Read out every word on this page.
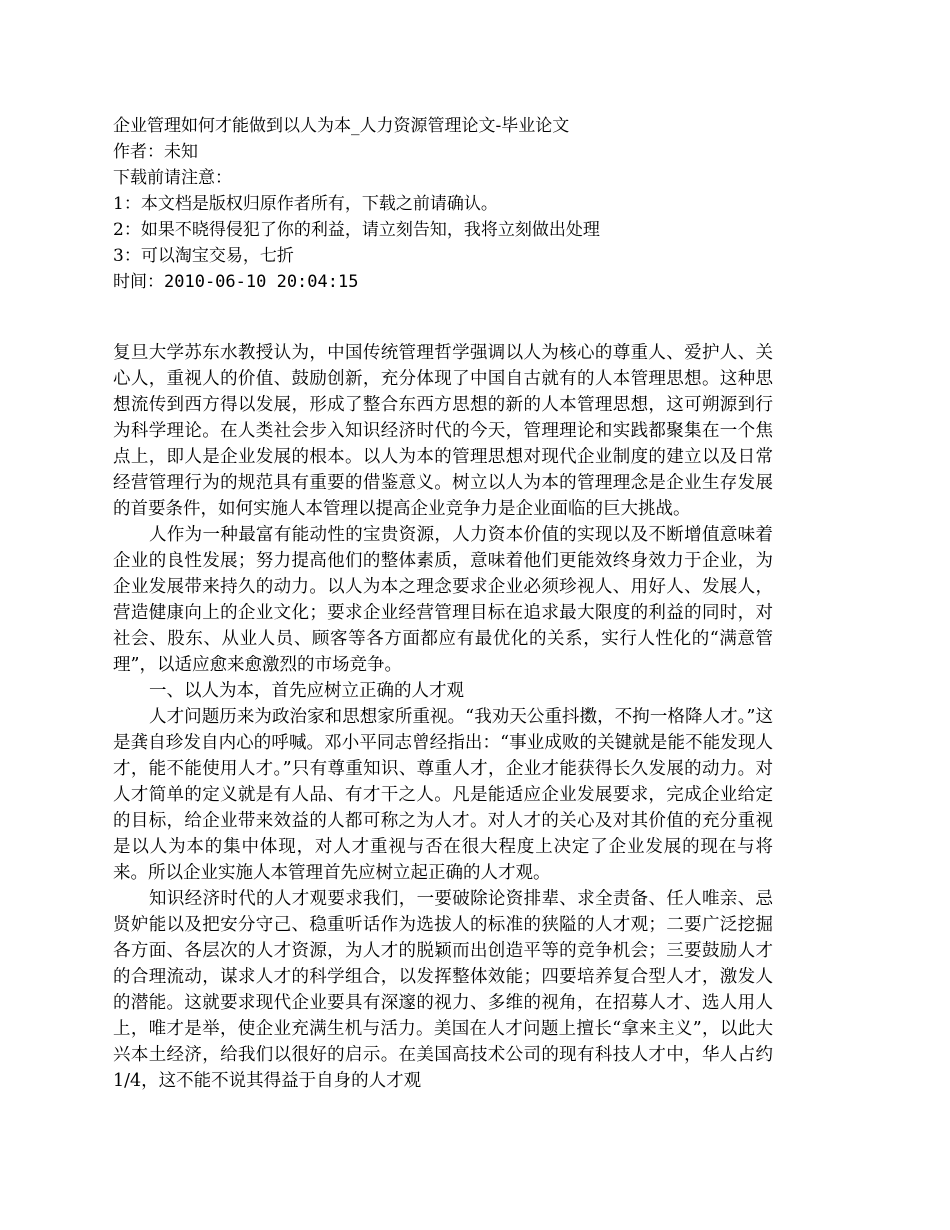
企业管理如何才能做到以人为本_人力资源管理论文-毕业论文
作者：未知
下载前请注意：
1：本文档是版权归原作者所有，下载之前请确认。
2：如果不晓得侵犯了你的利益，请立刻告知，我将立刻做出处理
3：可以淘宝交易，七折
时间：2010-06-10 20:04:15

复旦大学苏东水教授认为，中国传统管理哲学强调以人为核心的尊重人、爱护人、关心人，重视人的价值、鼓励创新，充分体现了中国自古就有的人本管理思想。这种思想流传到西方得以发展，形成了整合东西方思想的新的人本管理思想，这可朔源到行为科学理论。在人类社会步入知识经济时代的今天，管理理论和实践都聚集在一个焦点上，即人是企业发展的根本。以人为本的管理思想对现代企业制度的建立以及日常经营管理行为的规范具有重要的借鉴意义。树立以人为本的管理理念是企业生存发展的首要条件，如何实施人本管理以提高企业竞争力是企业面临的巨大挑战。

人作为一种最富有能动性的宝贵资源，人力资本价值的实现以及不断增值意味着企业的良性发展；努力提高他们的整体素质，意味着他们更能效终身效力于企业，为企业发展带来持久的动力。以人为本之理念要求企业必须珍视人、用好人、发展人，营造健康向上的企业文化；要求企业经营管理目标在追求最大限度的利益的同时，对社会、股东、从业人员、顾客等各方面都应有最优化的关系，实行人性化的“满意管理”，以适应愈来愈激烈的市场竞争。

一、以人为本，首先应树立正确的人才观

人才问题历来为政治家和思想家所重视。“我劝天公重抖擞，不拘一格降人才。”这是龚自珍发自内心的呼喊。邓小平同志曾经指出：“事业成败的关键就是能不能发现人才，能不能使用人才。”只有尊重知识、尊重人才，企业才能获得长久发展的动力。对人才简单的定义就是有人品、有才干之人。凡是能适应企业发展要求，完成企业给定的目标，给企业带来效益的人都可称之为人才。对人才的关心及对其价值的充分重视是以人为本的集中体现，对人才重视与否在很大程度上决定了企业发展的现在与将来。所以企业实施人本管理首先应树立起正确的人才观。

知识经济时代的人才观要求我们，一要破除论资排辈、求全责备、任人唯亲、忌贤妒能以及把安分守己、稳重听话作为选拔人的标准的狭隘的人才观；二要广泛挖掘各方面、各层次的人才资源，为人才的脱颖而出创造平等的竞争机会；三要鼓励人才的合理流动，谋求人才的科学组合，以发挥整体效能；四要培养复合型人才，激发人的潜能。这就要求现代企业要具有深邃的视力、多维的视角，在招募人才、选人用人上，唯才是举，使企业充满生机与活力。美国在人才问题上擅长“拿来主义”，以此大兴本土经济，给我们以很好的启示。在美国高技术公司的现有科技人才中，华人占约1/4，这不能不说其得益于自身的人才观
